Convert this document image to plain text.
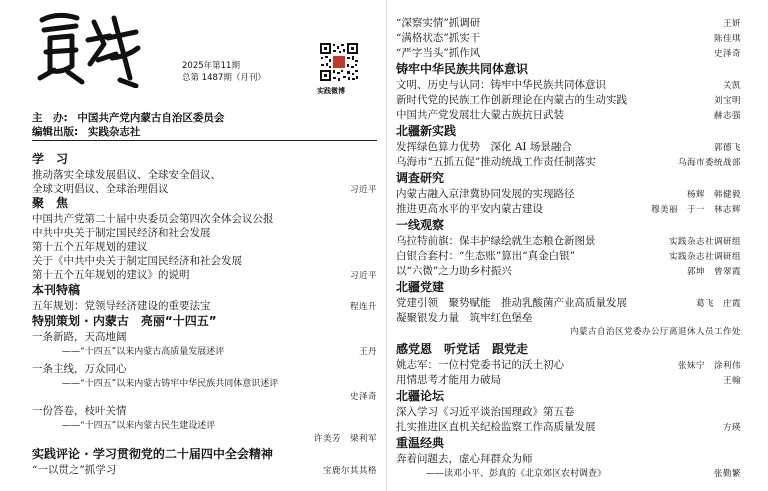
2025年第11期
总第 1487期（月刊）
实践微博
主　办: 中国共产党内蒙古自治区委员会
编辑出版: 实践杂志社
学　习
推动落实全球发展倡议、全球安全倡议、
全球文明倡议、全球治理倡议	习近平
聚　焦
中国共产党第二十届中央委员会第四次全体会议公报
中共中央关于制定国民经济和社会发展
第十五个五年规划的建议
关于《中共中央关于制定国民经济和社会发展
第十五个五年规划的建议》的说明	习近平
本刊特稿
五年规划：党领导经济建设的重要法宝	程连升
特别策划 · 内蒙古　亮丽“十四五”
一条新路，天高地阔
——“十四五”以来内蒙古高质量发展述评	王丹
一条主线，万众同心
——“十四五”以来内蒙古铸牢中华民族共同体意识述评
史泽奇
一份答卷，枝叶关情
——“十四五”以来内蒙古民生建设述评
许美芳　梁利军
实践评论 · 学习贯彻党的二十届四中全会精神
“一以贯之”抓学习	宝鹿尔其其格
“深察实情”抓调研	王妍
“满格状态”抓实干	陈佳琪
“严字当头”抓作风	史泽奇
铸牢中华民族共同体意识
文明、历史与认同：铸牢中华民族共同体意识	关凯
新时代党的民族工作创新理论在内蒙古的生动实践	刘宝明
中国共产党发展壮大蒙古族抗日武装	赫志强
北疆新实践
发挥绿色算力优势　深化 AI 场景融合	郭德飞
乌海市“五抓五促”推动统战工作责任制落实	乌海市委统战部
调查研究
内蒙古融入京津冀协同发展的实现路径	杨辉　韩健毅
推进更高水平的平安内蒙古建设	穆美丽　于一　林志辉
一线观察
乌拉特前旗：保丰护绿绘就生态粮仓新图景	实践杂志社调研组
白银合套村：“生态账”算出“真金白银”	实践杂志社调研组
以“六微”之力助乡村振兴	郭坤　曾翠霞
北疆党建
党建引领　聚势赋能　推动乳酸菌产业高质量发展	葛飞　庄霞
凝聚银发力量　筑牢红色堡垒
内蒙古自治区党委办公厅离退休人员工作处
感党恩　听党话　跟党走
姚志军：一位村党委书记的沃土初心	张妹宁　涂利伟
用情思考才能用力破局	王翰
北疆论坛
深入学习《习近平谈治国理政》第五卷
扎实推进区直机关纪检监察工作高质量发展	方瑛
重温经典
奔着问题去，虚心拜群众为师
——读邓小平、彭真的《北京郊区农村调查》	张勤繁
